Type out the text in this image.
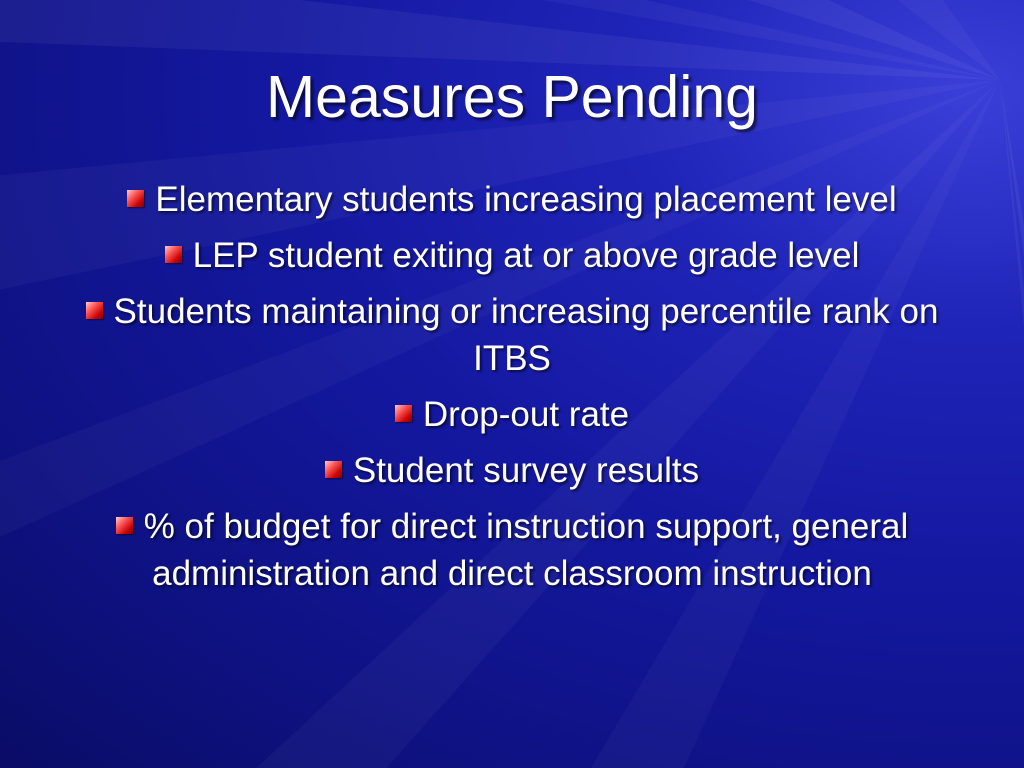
Measures Pending
Elementary students increasing placement level
LEP student exiting at or above grade level
Students maintaining or increasing percentile rank on ITBS
Drop-out rate
Student survey results
% of budget for direct instruction support, general administration and direct classroom instruction
